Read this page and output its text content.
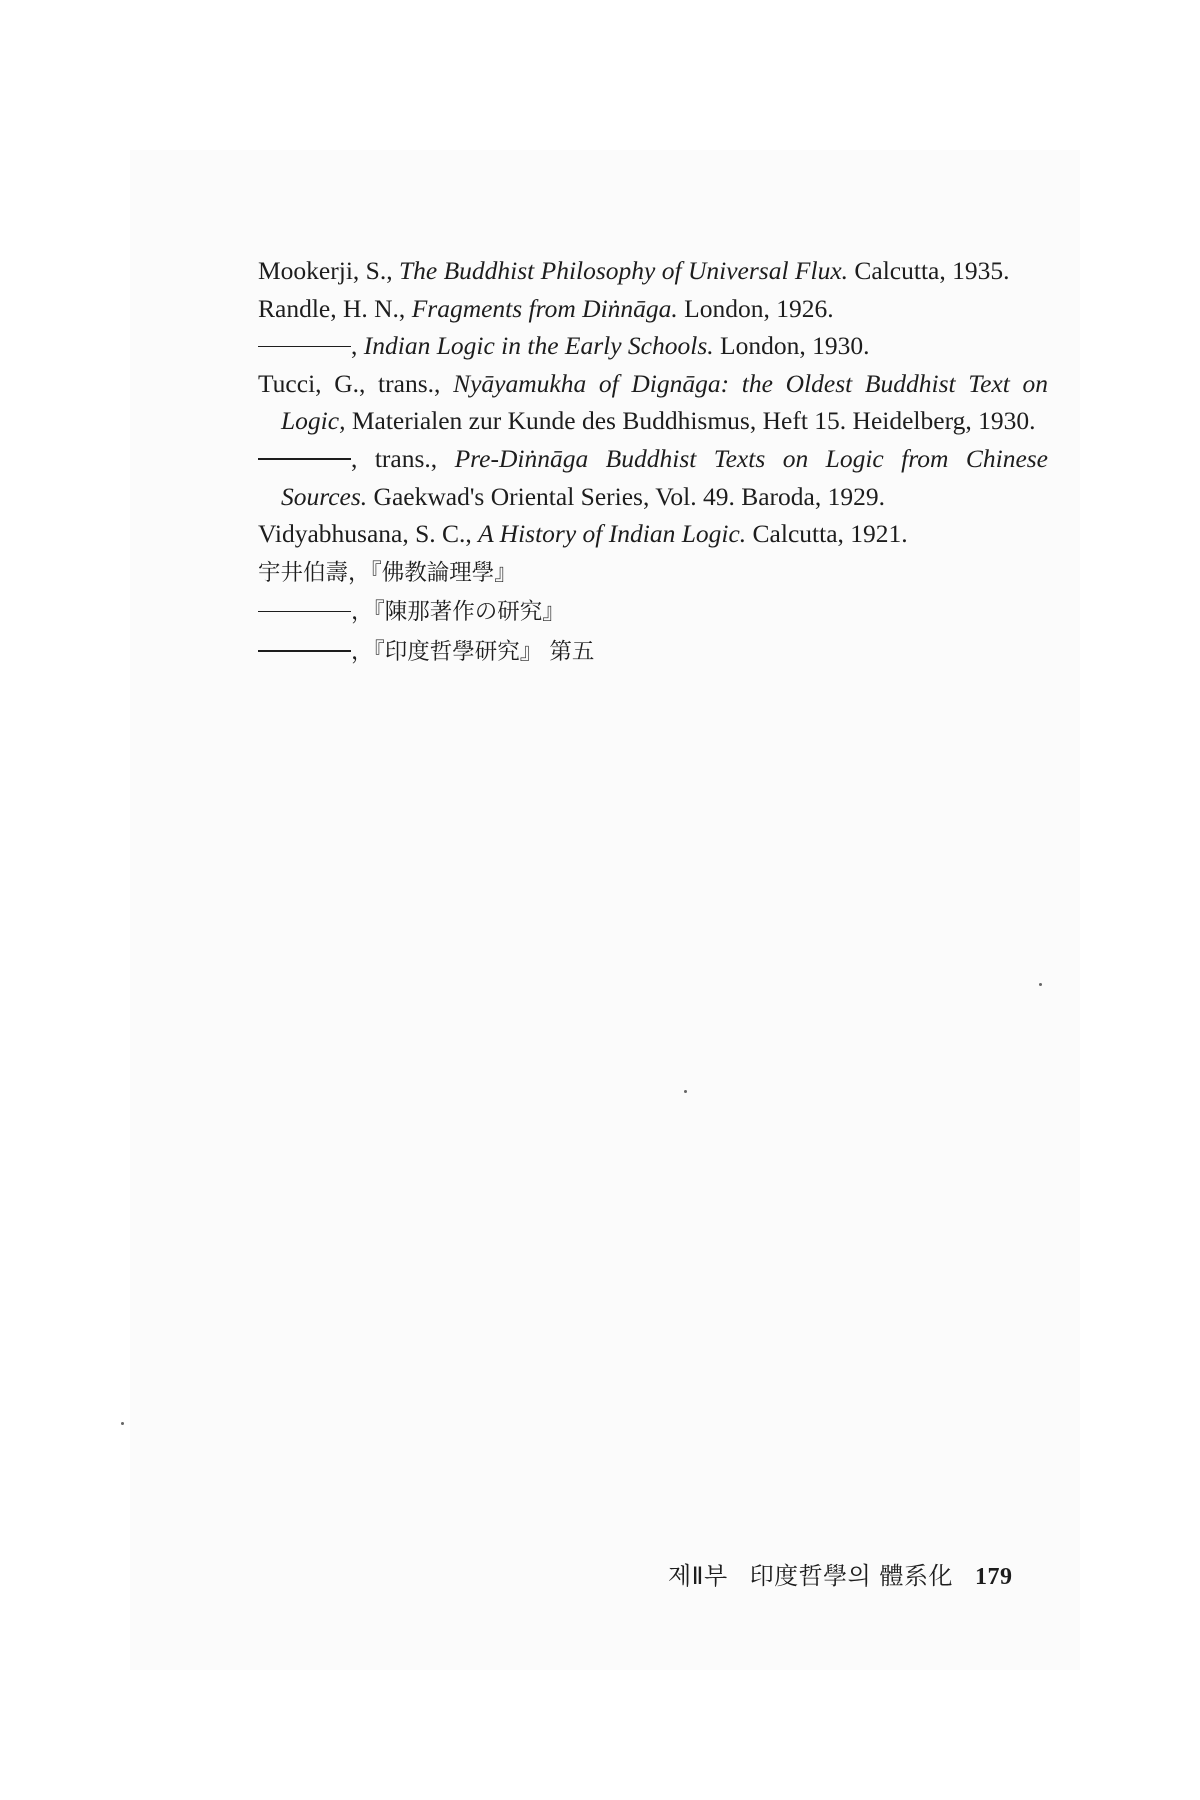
Mookerji, S., The Buddhist Philosophy of Universal Flux. Calcutta, 1935.
Randle, H. N., Fragments from Diṅnāga. London, 1926.
, Indian Logic in the Early Schools. London, 1930.
Tucci, G., trans., Nyāyamukha of Dignāga: the Oldest Buddhist Text on Logic, Materialen zur Kunde des Buddhismus, Heft 15. Heidelberg, 1930.
, trans., Pre-Diṅnāga Buddhist Texts on Logic from Chinese Sources. Gaekwad's Oriental Series, Vol. 49. Baroda, 1929.
Vidyabhusana, S. C., A History of Indian Logic. Calcutta, 1921.
宇井伯壽，『佛教論理學』
，『陳那著作の研究』
，『印度哲學研究』 第五
제Ⅱ부 印度哲學의 體系化 179
